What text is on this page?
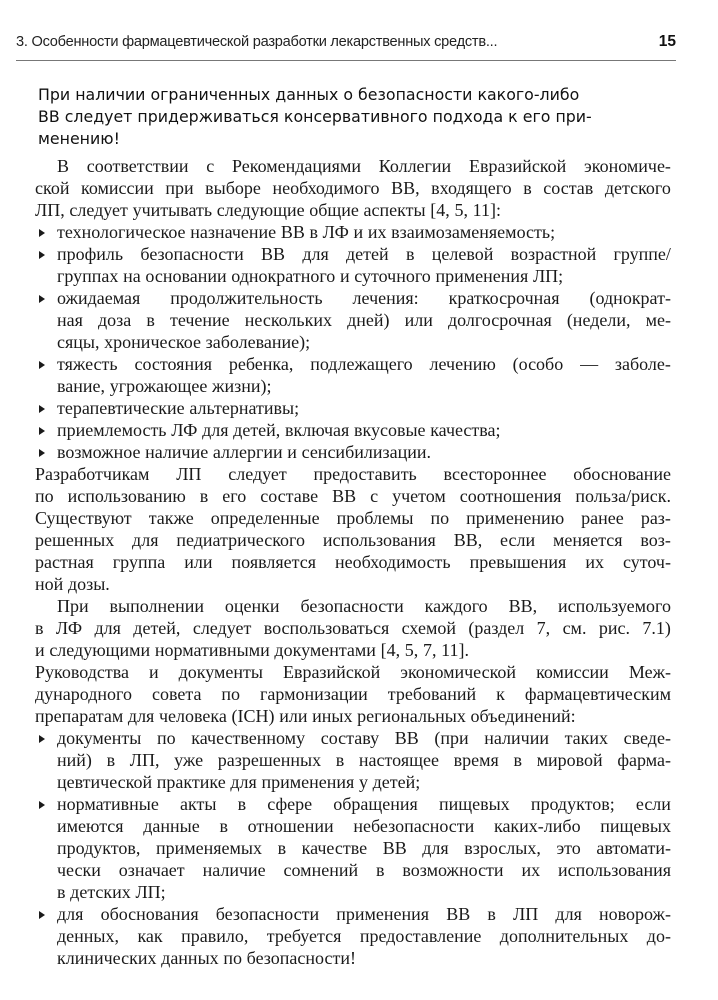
3. Особенности фармацевтической разработки лекарственных средств...	15
При наличии ограниченных данных о безопасности какого-либо
ВВ следует придерживаться консервативного подхода к его при-
менению!
В соответствии с Рекомендациями Коллегии Евразийской экономиче-
ской комиссии при выборе необходимого ВВ, входящего в состав детского
ЛП, следует учитывать следующие общие аспекты [4, 5, 11]:
технологическое назначение ВВ в ЛФ и их взаимозаменяемость;
профиль безопасности ВВ для детей в целевой возрастной группе/
группах на основании однократного и суточного применения ЛП;
ожидаемая продолжительность лечения: краткосрочная (однократ-
ная доза в течение нескольких дней) или долгосрочная (недели, ме-
сяцы, хроническое заболевание);
тяжесть состояния ребенка, подлежащего лечению (особо — заболе-
вание, угрожающее жизни);
терапевтические альтернативы;
приемлемость ЛФ для детей, включая вкусовые качества;
возможное наличие аллергии и сенсибилизации.
Разработчикам ЛП следует предоставить всестороннее обоснование
по использованию в его составе ВВ с учетом соотношения польза/риск.
Существуют также определенные проблемы по применению ранее раз-
решенных для педиатрического использования ВВ, если меняется воз-
растная группа или появляется необходимость превышения их суточ-
ной дозы.
При выполнении оценки безопасности каждого ВВ, используемого
в ЛФ для детей, следует воспользоваться схемой (раздел 7, см. рис. 7.1)
и следующими нормативными документами [4, 5, 7, 11].
Руководства и документы Евразийской экономической комиссии Меж-
дународного совета по гармонизации требований к фармацевтическим
препаратам для человека (ICH) или иных региональных объединений:
документы по качественному составу ВВ (при наличии таких сведе-
ний) в ЛП, уже разрешенных в настоящее время в мировой фарма-
цевтической практике для применения у детей;
нормативные акты в сфере обращения пищевых продуктов; если
имеются данные в отношении небезопасности каких-либо пищевых
продуктов, применяемых в качестве ВВ для взрослых, это автомати-
чески означает наличие сомнений в возможности их использования
в детских ЛП;
для обоснования безопасности применения ВВ в ЛП для новорож-
денных, как правило, требуется предоставление дополнительных до-
клинических данных по безопасности!
